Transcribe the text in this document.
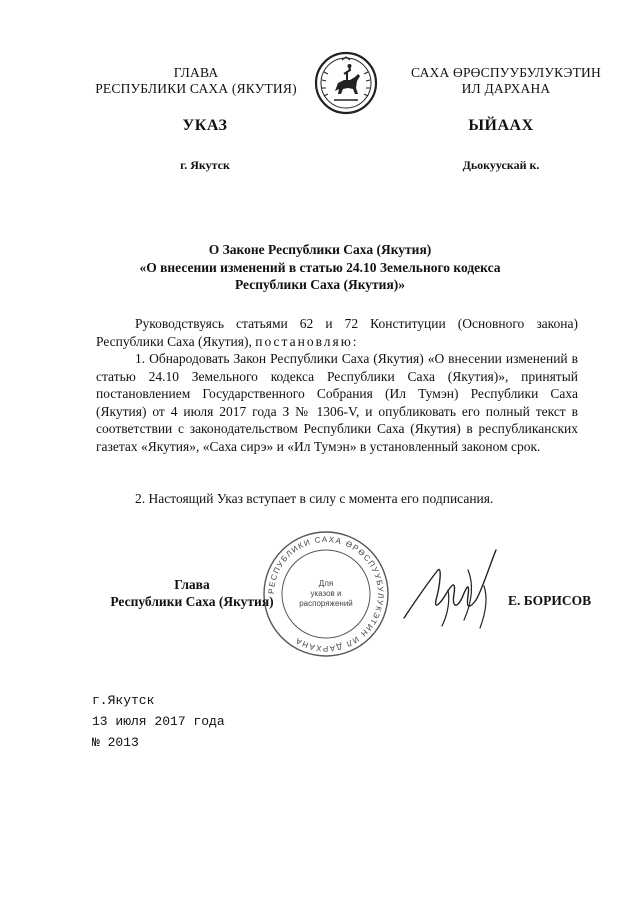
ГЛАВА
РЕСПУБЛИКИ САХА (ЯКУТИЯ)
САХА ӨРӨСПУУБУЛУКЭТИН
ИЛ ДАРХАНА
УКАЗ	ЫЙААХ
г. Якутск	Дьокуускай к.
О Законе Республики Саха (Якутия)
«О внесении изменений в статью 24.10 Земельного кодекса
Республики Саха (Якутия)»

Руководствуясь статьями 62 и 72 Конституции (Основного закона) Республики Саха (Якутия), постановляю:

1. Обнародовать Закон Республики Саха (Якутия) «О внесении изменений в статью 24.10 Земельного кодекса Республики Саха (Якутия)», принятый постановлением Государственного Собрания (Ил Тумэн) Республики Саха (Якутия) от 4 июля 2017 года З № 1306-V, и опубликовать его полный текст в соответствии с законодательством Республики Саха (Якутия) в республиканских газетах «Якутия», «Саха сирэ» и «Ил Тумэн» в установленный законом срок.

2. Настоящий Указ вступает в силу с момента его подписания.

РЕСПУБЛИКИ САХА ӨРӨСПУУБУЛУКЭТИН ИЛ ДАРХАНА
Для
указов и
распоряжений
Глава
Республики Саха (Якутия)	Е. БОРИСОВ
г.Якутск
13 июля 2017 года
№ 2013
